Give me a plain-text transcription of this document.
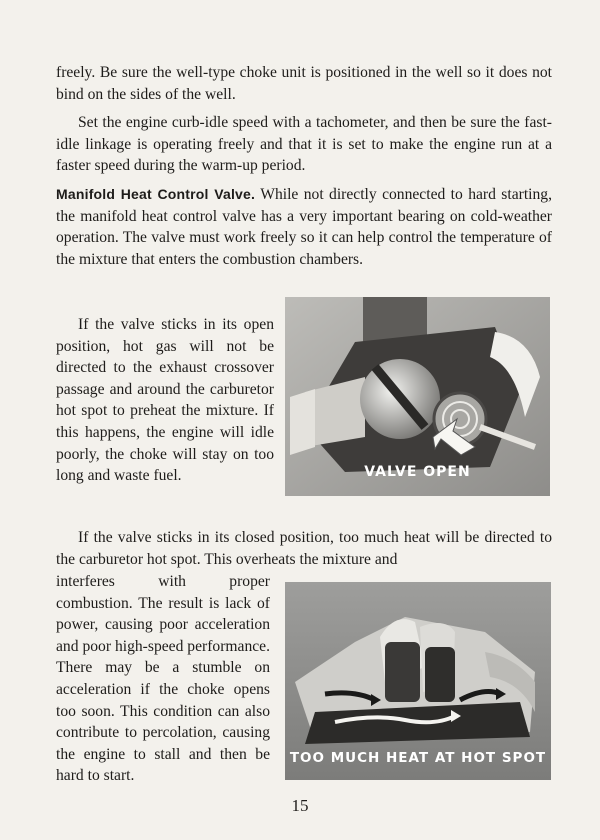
freely. Be sure the well-type choke unit is positioned in the well so it does not bind on the sides of the well.

Set the engine curb-idle speed with a tachometer, and then be sure the fast-idle linkage is operating freely and that it is set to make the engine run at a faster speed during the warm-up period.

Manifold Heat Control Valve. While not directly connected to hard starting, the manifold heat control valve has a very important bearing on cold-weather operation. The valve must work freely so it can help control the temperature of the mixture that enters the combustion chambers.

If the valve sticks in its open position, hot gas will not be directed to the exhaust crossover passage and around the carburetor hot spot to preheat the mixture. If this happens, the engine will idle poorly, the choke will stay on too long and waste fuel.	VALVE OPEN

If the valve sticks in its closed position, too much heat will be directed to the carburetor hot spot. This overheats the mixture and

interferes with proper combustion. The result is lack of power, causing poor acceleration and poor high-speed performance. There may be a stumble on acceleration if the choke opens too soon. This condition can also contribute to percolation, causing the engine to stall and then be hard to start.

TOO MUCH HEAT AT HOT SPOT
15
